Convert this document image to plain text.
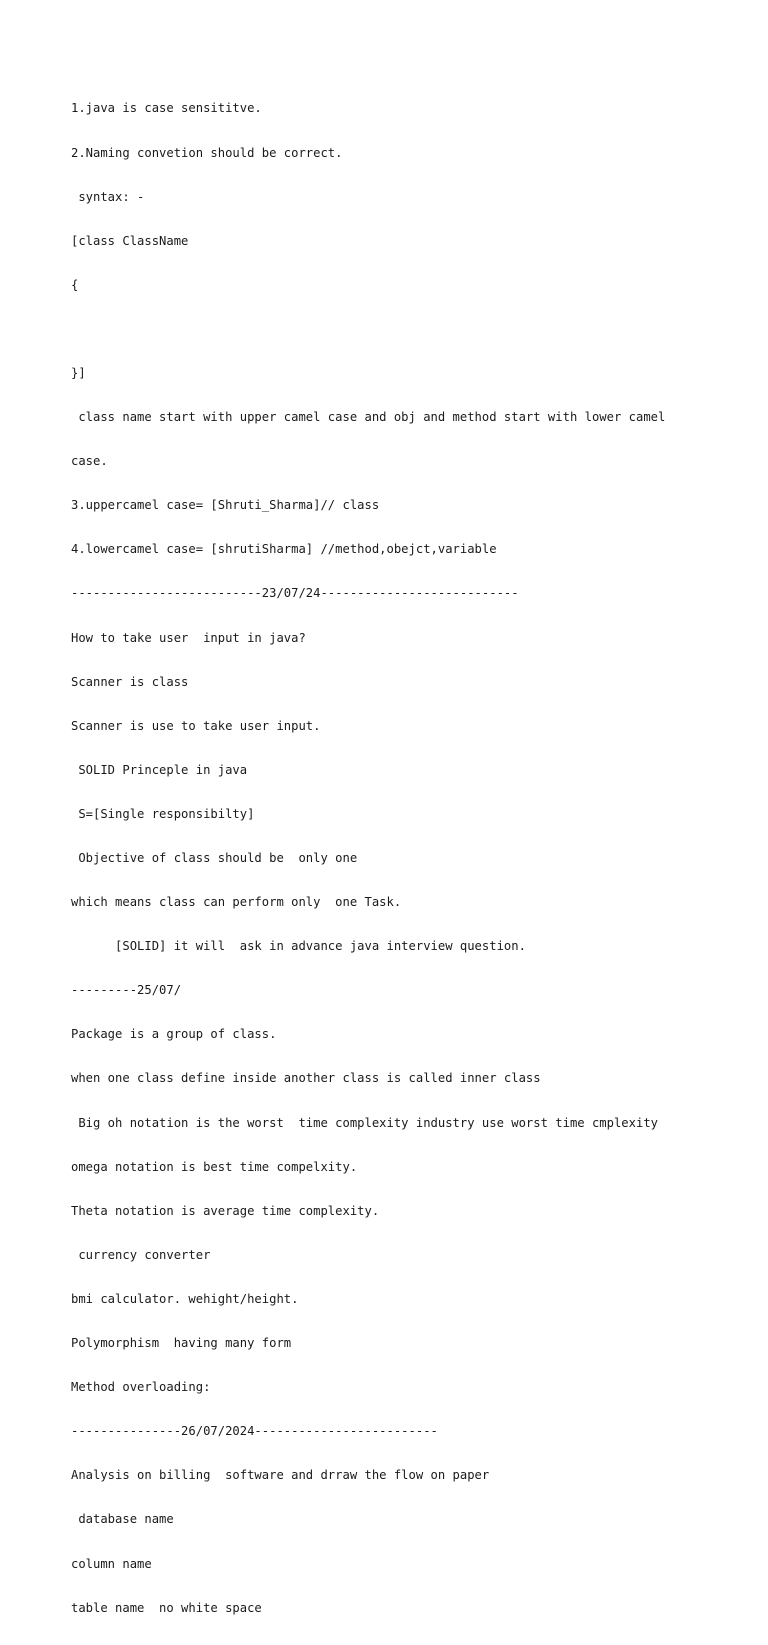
1.java is case sensititve.

2.Naming convetion should be correct.

syntax: -

[class ClassName

{

}]

class name start with upper camel case and obj and method start with lower camel

case.

3.uppercamel case= [Shruti_Sharma]// class

4.lowercamel case= [shrutiSharma] //method,obejct,variable

--------------------------23/07/24---------------------------

How to take user  input in java?

Scanner is class

Scanner is use to take user input.

SOLID Princeple in java

S=[Single responsibilty]

Objective of class should be  only one

which means class can perform only  one Task.

[SOLID] it will  ask in advance java interview question.

---------25/07/

Package is a group of class.

when one class define inside another class is called inner class

Big oh notation is the worst  time complexity industry use worst time cmplexity

omega notation is best time compelxity.

Theta notation is average time complexity.

currency converter

bmi calculator. wehight/height.

Polymorphism  having many form

Method overloading:

---------------26/07/2024-------------------------

Analysis on billing  software and drraw the flow on paper

database name

column name

table name  no white space
